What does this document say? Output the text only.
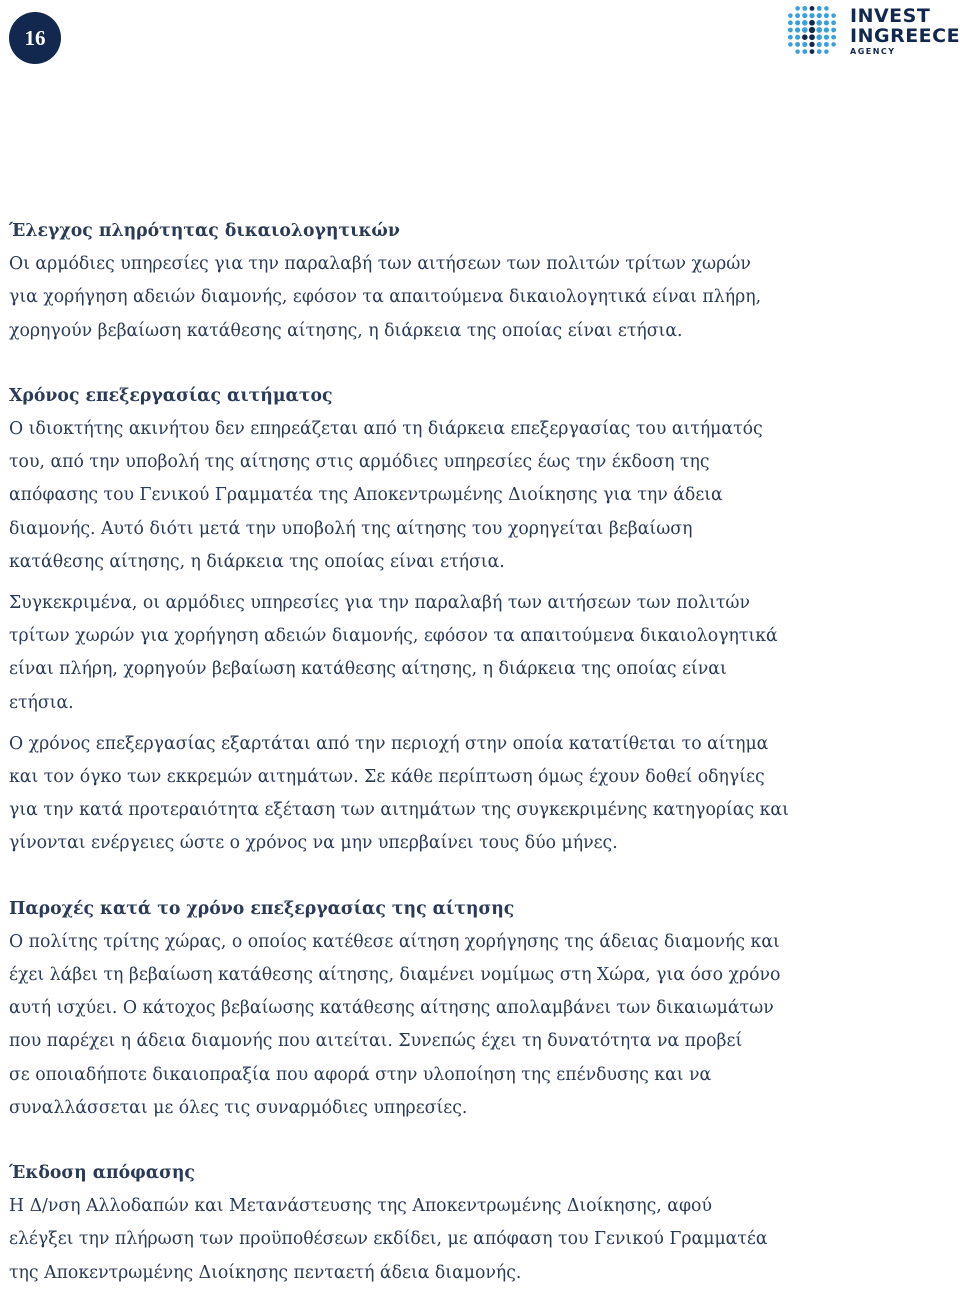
16
INVEST
INGREECE
AGENCY
Έλεγχος πληρότητας δικαιολογητικών
Οι αρμόδιες υπηρεσίες για την παραλαβή των αιτήσεων των πολιτών τρίτων χωρών
για χορήγηση αδειών διαμονής, εφόσον τα απαιτούμενα δικαιολογητικά είναι πλήρη,
χορηγούν βεβαίωση κατάθεσης αίτησης, η διάρκεια της οποίας είναι ετήσια.
Χρόνος επεξεργασίας αιτήματος
Ο ιδιοκτήτης ακινήτου δεν επηρεάζεται από τη διάρκεια επεξεργασίας του αιτήματός
του, από την υποβολή της αίτησης στις αρμόδιες υπηρεσίες έως την έκδοση της
απόφασης του Γενικού Γραμματέα της Αποκεντρωμένης Διοίκησης για την άδεια
διαμονής. Αυτό διότι μετά την υποβολή της αίτησης του χορηγείται βεβαίωση
κατάθεσης αίτησης, η διάρκεια της οποίας είναι ετήσια.
Συγκεκριμένα, οι αρμόδιες υπηρεσίες για την παραλαβή των αιτήσεων των πολιτών
τρίτων χωρών για χορήγηση αδειών διαμονής, εφόσον τα απαιτούμενα δικαιολογητικά
είναι πλήρη, χορηγούν βεβαίωση κατάθεσης αίτησης, η διάρκεια της οποίας είναι
ετήσια.
Ο χρόνος επεξεργασίας εξαρτάται από την περιοχή στην οποία κατατίθεται το αίτημα
και τον όγκο των εκκρεμών αιτημάτων. Σε κάθε περίπτωση όμως έχουν δοθεί οδηγίες
για την κατά προτεραιότητα εξέταση των αιτημάτων της συγκεκριμένης κατηγορίας και
γίνονται ενέργειες ώστε ο χρόνος να μην υπερβαίνει τους δύο μήνες.
Παροχές κατά το χρόνο επεξεργασίας της αίτησης
Ο πολίτης τρίτης χώρας, ο οποίος κατέθεσε αίτηση χορήγησης της άδειας διαμονής και
έχει λάβει τη βεβαίωση κατάθεσης αίτησης, διαμένει νομίμως στη Χώρα, για όσο χρόνο
αυτή ισχύει. Ο κάτοχος βεβαίωσης κατάθεσης αίτησης απολαμβάνει των δικαιωμάτων
που παρέχει η άδεια διαμονής που αιτείται. Συνεπώς έχει τη δυνατότητα να προβεί
σε οποιαδήποτε δικαιοπραξία που αφορά στην υλοποίηση της επένδυσης και να
συναλλάσσεται με όλες τις συναρμόδιες υπηρεσίες.
Έκδοση απόφασης
Η Δ/νση Αλλοδαπών και Μετανάστευσης της Αποκεντρωμένης Διοίκησης, αφού
ελέγξει την πλήρωση των προϋποθέσεων εκδίδει, με απόφαση του Γενικού Γραμματέα
της Αποκεντρωμένης Διοίκησης πενταετή άδεια διαμονής.
